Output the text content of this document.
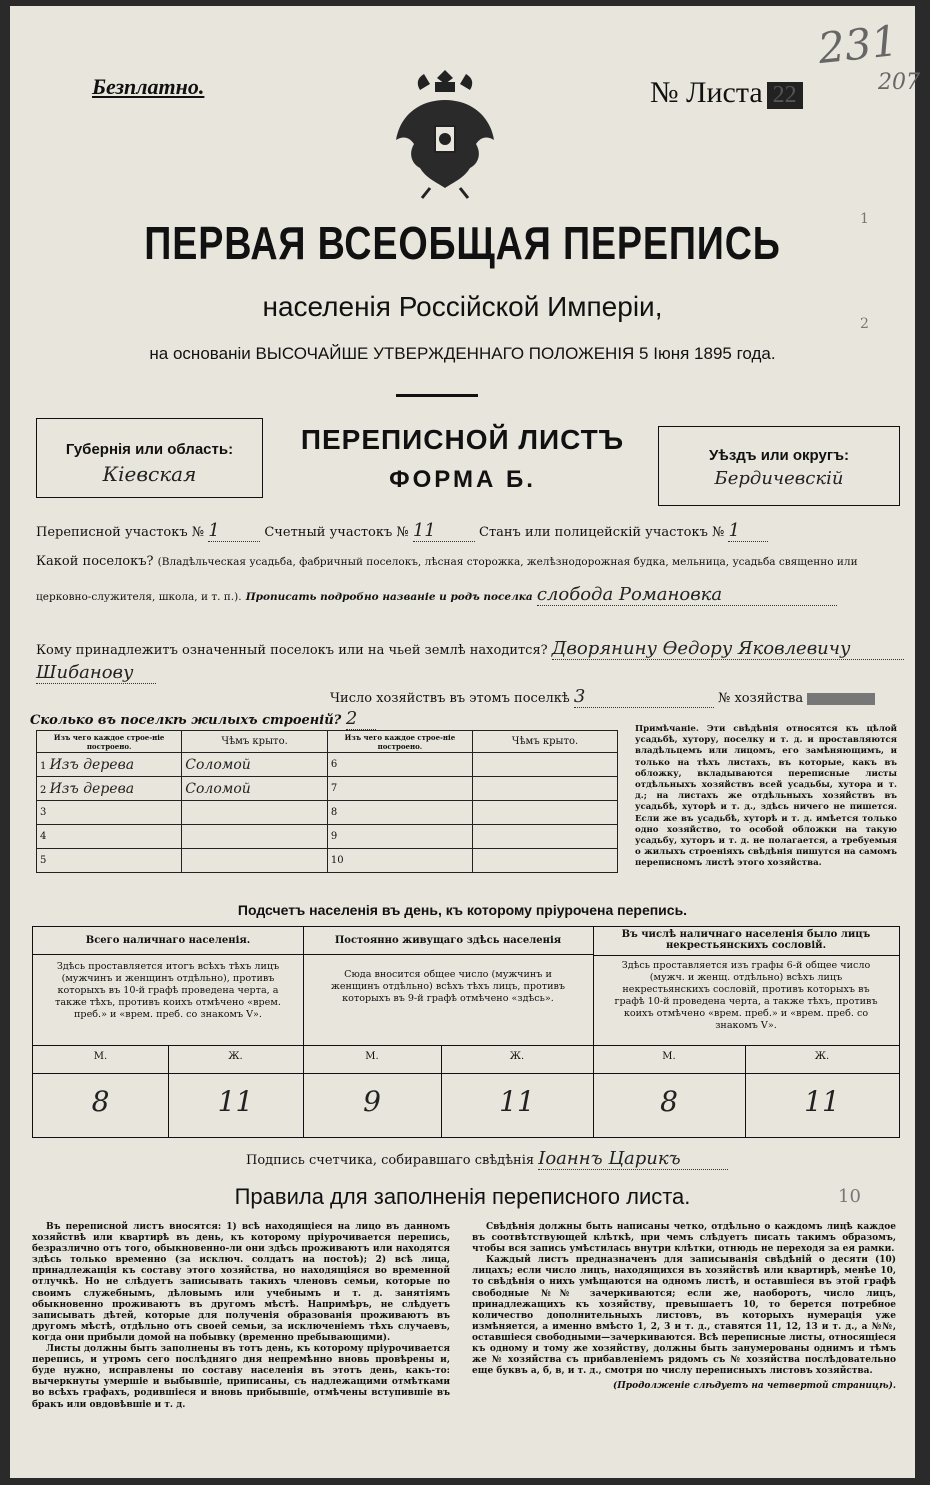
Безплатно.	№ Листа 22
231
207
ПЕРВАЯ ВСЕОБЩАЯ ПЕРЕПИСЬ
населенія Россійской Имперіи,
на основаніи ВЫСОЧАЙШЕ УТВЕРЖДЕННАГО ПОЛОЖЕНІЯ 5 Іюня 1895 года.
Губернія или область:
Кіевская
ПЕРЕПИСНОЙ ЛИСТЪ
ФОРМА Б.
Уѣздъ или округъ:
Бердичевскій
Переписной участокъ № 1	Счетный участокъ № 11	Станъ или полицейскій участокъ № 1
Какой поселокъ? (Владѣльческая усадьба, фабричный поселокъ, лѣсная сторожка, желѣзнодорожная будка, мельница, усадьба священно или
церковно-служителя, школа, и т. п.). Прописать подробно названіе и родъ поселка слобода Романовка
Кому принадлежитъ означенный поселокъ или на чьей землѣ находится? Дворянину Өедору Яковлевичу
Шибанову
Число хозяйствъ въ этомъ поселкѣ 3	№ хозяйства
Сколько въ поселкѣ жилыхъ строеній? 2
Изъ чего каждое строе-ніе построено.	Чѣмъ крыто.	Изъ чего каждое строе-ніе построено.	Чѣмъ крыто.
1 Изъ дерева	Соломой	6	
2 Изъ дерева	Соломой	7	
3		8	
4		9	
5		10	
Примѣчаніе. Эти свѣдѣнія относятся къ цѣлой усадьбѣ, хутору, поселку и т. д. и проставляются владѣльцемъ или лицомъ, его замѣняющимъ, и только на тѣхъ листахъ, въ которые, какъ въ обложку, вкладываются переписные листы отдѣльныхъ хозяйствъ всей усадьбы, хутора и т. д.; на листахъ же отдѣльныхъ хозяйствъ въ усадьбѣ, хуторѣ и т. д., здѣсь ничего не пишется. Если же въ усадьбѣ, хуторѣ и т. д. имѣется только одно хозяйство, то особой обложки на такую усадьбу, хуторъ и т. д. не полагается, а требуемыя о жилыхъ строеніяхъ свѣдѣнія пишутся на самомъ переписномъ листѣ этого хозяйства.
Подсчетъ населенія въ день, къ которому пріурочена перепись.
Всего наличнаго населенія.
Здѣсь проставляется итогъ всѣхъ тѣхъ лицъ (мужчинъ и женщинъ отдѣльно), противъ которыхъ въ 10-й графѣ проведена черта, а также тѣхъ, противъ коихъ отмѣчено «врем. преб.» и «врем. преб. со знакомъ V».
Постоянно живущаго здѣсь населенія
Сюда вносится общее число (мужчинъ и женщинъ отдѣльно) всѣхъ тѣхъ лицъ, противъ которыхъ въ 9-й графѣ отмѣчено «здѣсь».
Въ числѣ наличнаго населенія было лицъ некрестьянскихъ сословій.
Здѣсь проставляется изъ графы 6-й общее число (мужч. и женщ. отдѣльно) всѣхъ лицъ некрестьянскихъ сословій, противъ которыхъ въ графѣ 10-й проведена черта, а также тѣхъ, противъ коихъ отмѣчено «врем. преб.» и «врем. преб. со знакомъ V».
М.	Ж.	М.	Ж.	М.	Ж.
8	11	9	11	8	11
Подпись счетчика, собиравшаго свѣдѣнія Іоаннъ Царикъ
Правила для заполненія переписного листа.
Въ переписной листъ вносятся: 1) всѣ находящіеся на лицо въ данномъ хозяйствѣ или квартирѣ въ день, къ которому пріурочивается перепись, безразлично отъ того, обыкновенно-ли они здѣсь проживаютъ или находятся здѣсь только временно (за исключ. солдатъ на постоѣ); 2) всѣ лица, принадлежащія къ составу этого хозяйства, но находящіяся во временной отлучкѣ. Но не слѣдуетъ записывать такихъ членовъ семьи, которые по своимъ служебнымъ, дѣловымъ или учебнымъ и т. д. занятіямъ обыкновенно проживаютъ въ другомъ мѣстѣ. Напримѣръ, не слѣдуетъ записывать дѣтей, которые для полученія образованія проживаютъ въ другомъ мѣстѣ, отдѣльно отъ своей семьи, за исключеніемъ тѣхъ случаевъ, когда они прибыли домой на побывку (временно пребывающими).
Листы должны быть заполнены въ тотъ день, къ которому пріурочивается перепись, и утромъ сего послѣдняго дня непремѣнно вновь провѣрены и, буде нужно, исправлены по составу населенія въ этотъ день, какъ-то: вычеркнуты умершіе и выбывшіе, приписаны, съ надлежащими отмѣтками во всѣхъ графахъ, родившіеся и вновь прибывшіе, отмѣчены вступившіе въ бракъ или овдовѣвшіе и т. д.
Свѣдѣнія должны быть написаны четко, отдѣльно о каждомъ лицѣ каждое въ соотвѣтствующей клѣткѣ, при чемъ слѣдуетъ писать такимъ образомъ, чтобы вся запись умѣстилась внутри клѣтки, отнюдь не переходя за ея рамки.
Каждый листъ предназначенъ для записыванія свѣдѣній о десяти (10) лицахъ; если число лицъ, находящихся въ хозяйствѣ или квартирѣ, менѣе 10, то свѣдѣнія о нихъ умѣщаются на одномъ листѣ, и оставшіеся въ этой графѣ свободные №№ зачеркиваются; если же, наоборотъ, число лицъ, принадлежащихъ къ хозяйству, превышаетъ 10, то берется потребное количество дополнительныхъ листовъ, въ которыхъ нумерація уже измѣняется, а именно вмѣсто 1, 2, 3 и т. д., ставятся 11, 12, 13 и т. д., а №№, оставшіеся свободными—зачеркиваются. Всѣ переписные листы, относящіеся къ одному и тому же хозяйству, должны быть занумерованы однимъ и тѣмъ же № хозяйства съ прибавленіемъ рядомъ съ № хозяйства послѣдовательно еще буквъ а, б, в, и т. д., смотря по числу переписныхъ листовъ хозяйства.
(Продолженіе слѣдуетъ на четвертой страницѣ).
1
2
10
